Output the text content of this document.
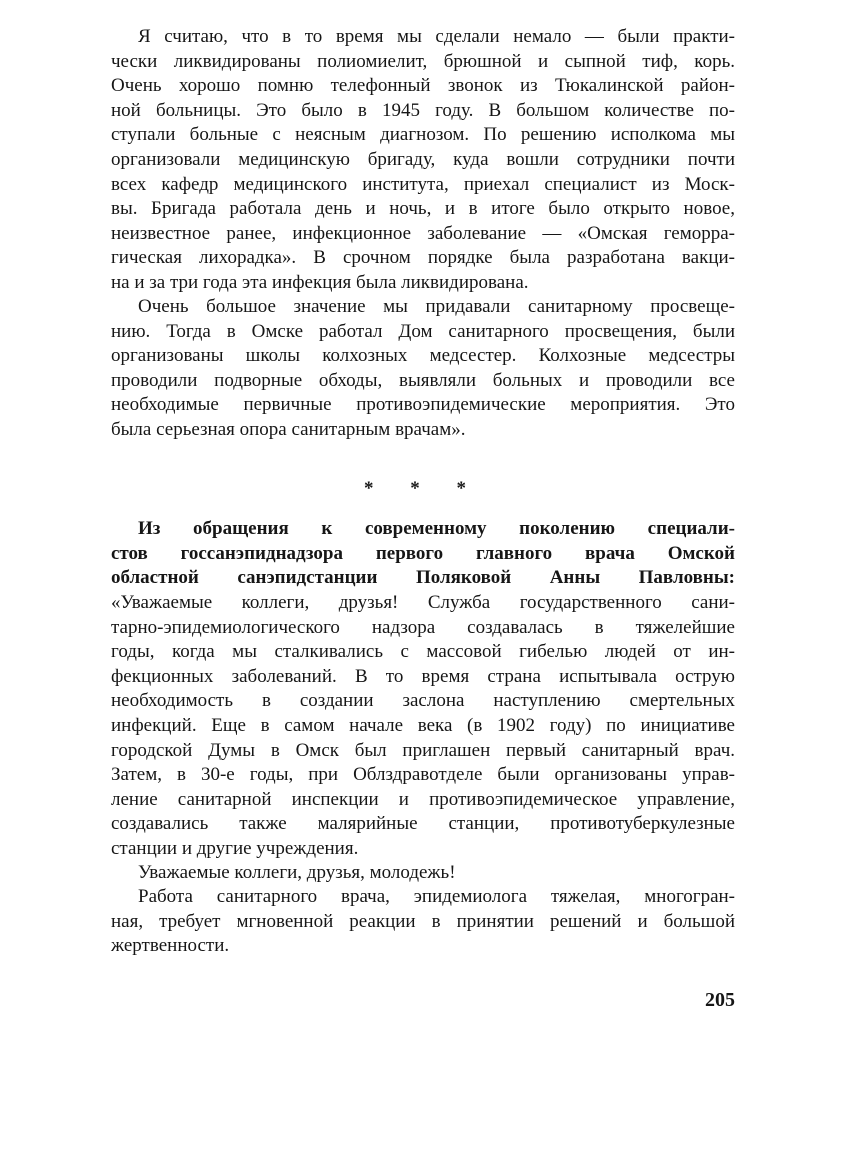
Я считаю, что в то время мы сделали немало — были практи-
чески ликвидированы полиомиелит, брюшной и сыпной тиф, корь.
Очень хорошо помню телефонный звонок из Тюкалинской район-
ной больницы. Это было в 1945 году. В большом количестве по-
ступали больные с неясным диагнозом. По решению исполкома мы
организовали медицинскую бригаду, куда вошли сотрудники почти
всех кафедр медицинского института, приехал специалист из Моск-
вы. Бригада работала день и ночь, и в итоге было открыто новое,
неизвестное ранее, инфекционное заболевание — «Омская геморра-
гическая лихорадка». В срочном порядке была разработана вакци-
на и за три года эта инфекция была ликвидирована.
Очень большое значение мы придавали санитарному просвеще-
нию. Тогда в Омске работал Дом санитарного просвещения, были
организованы школы колхозных медсестер. Колхозные медсестры
проводили подворные обходы, выявляли больных и проводили все
необходимые первичные противоэпидемические мероприятия. Это
была серьезная опора санитарным врачам».
* * *
Из обращения к современному поколению специали-
стов госсанэпиднадзора первого главного врача Омской
областной санэпидстанции Поляковой Анны Павловны:
«Уважаемые коллеги, друзья! Служба государственного сани-
тарно-эпидемиологического надзора создавалась в тяжелейшие
годы, когда мы сталкивались с массовой гибелью людей от ин-
фекционных заболеваний. В то время страна испытывала острую
необходимость в создании заслона наступлению смертельных
инфекций. Еще в самом начале века (в 1902 году) по инициативе
городской Думы в Омск был приглашен первый санитарный врач.
Затем, в 30-е годы, при Облздравотделе были организованы управ-
ление санитарной инспекции и противоэпидемическое управление,
создавались также малярийные станции, противотуберкулезные
станции и другие учреждения.
Уважаемые коллеги, друзья, молодежь!
Работа санитарного врача, эпидемиолога тяжелая, многогран-
ная, требует мгновенной реакции в принятии решений и большой
жертвенности.
205
